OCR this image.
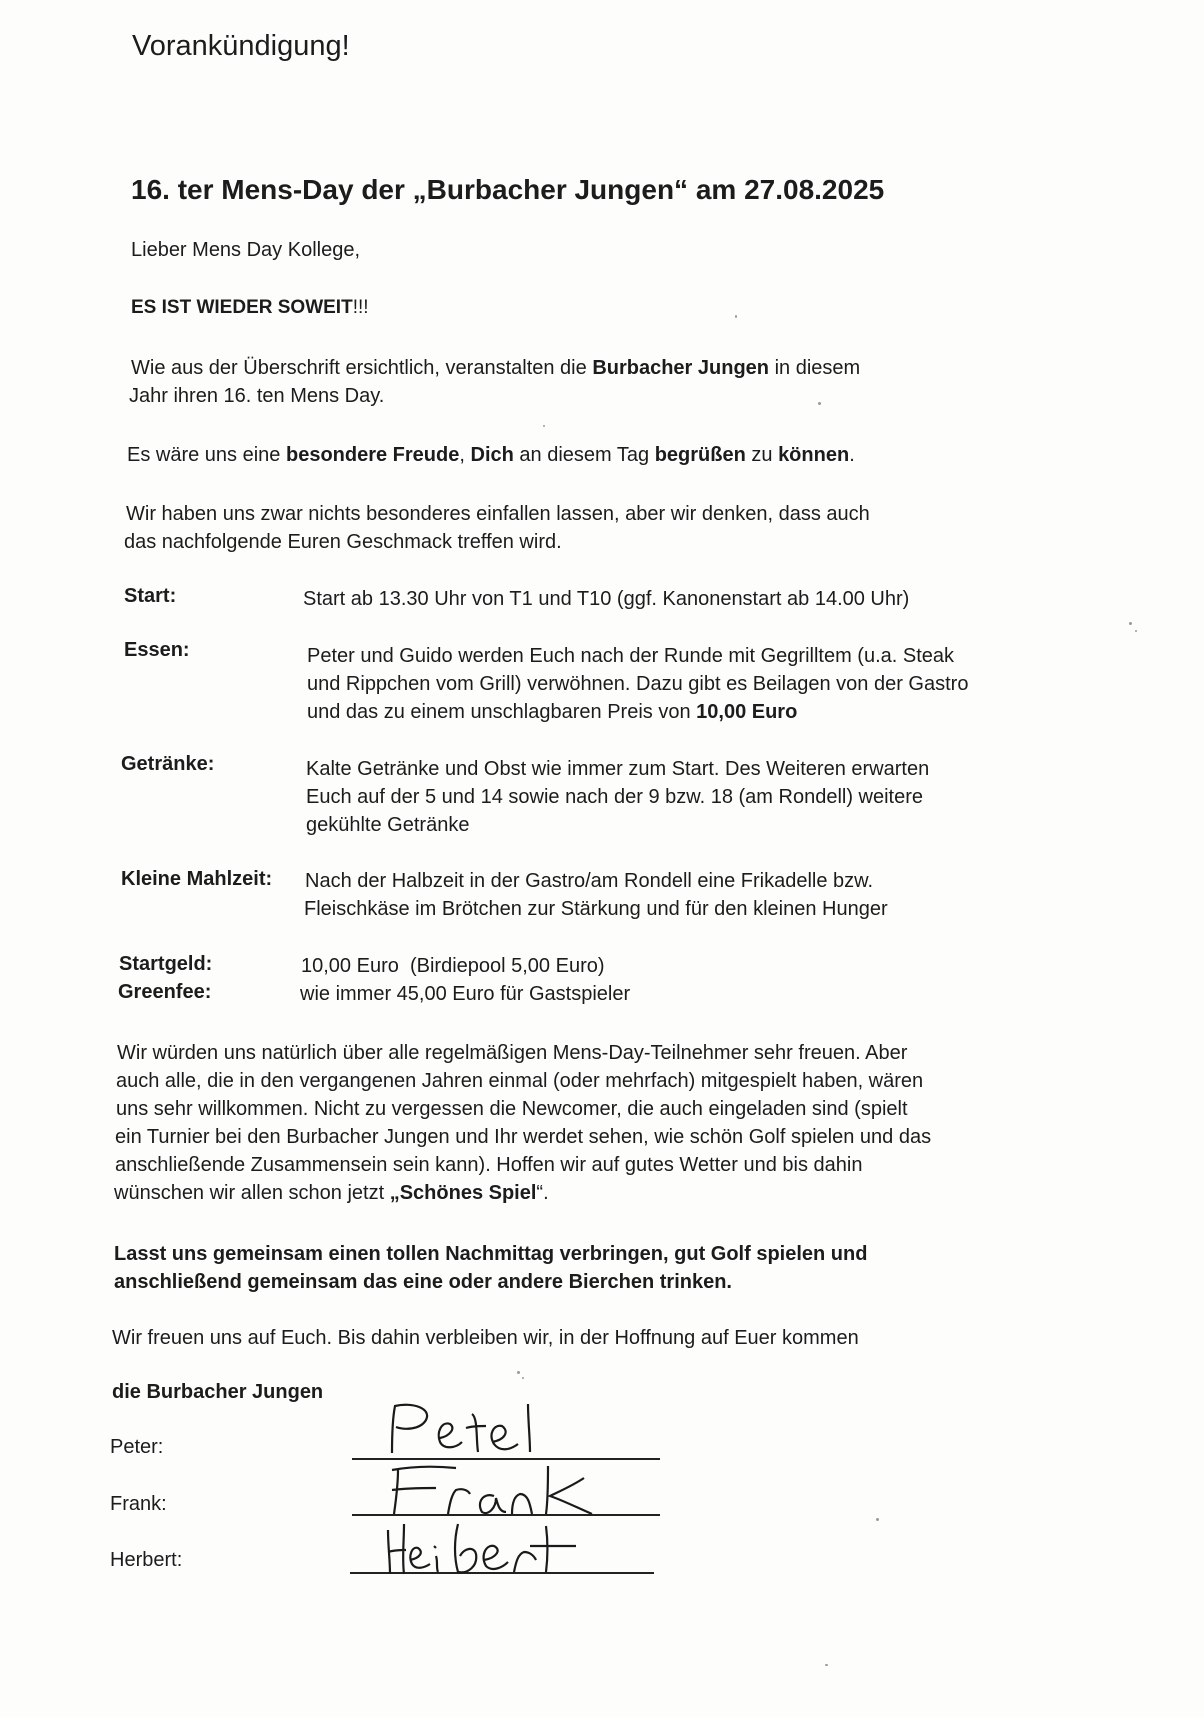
Vorankündigung!
16. ter Mens-Day der „Burbacher Jungen“ am 27.08.2025
Lieber Mens Day Kollege,
ES IST WIEDER SOWEIT!!!
Wie aus der Überschrift ersichtlich, veranstalten die Burbacher Jungen in diesem
Jahr ihren 16. ten Mens Day.
Es wäre uns eine besondere Freude, Dich an diesem Tag begrüßen zu können.
Wir haben uns zwar nichts besonderes einfallen lassen, aber wir denken, dass auch
das nachfolgende Euren Geschmack treffen wird.
Start:	Start ab 13.30 Uhr von T1 und T10 (ggf. Kanonenstart ab 14.00 Uhr)
Essen:	Peter und Guido werden Euch nach der Runde mit Gegrilltem (u.a. Steak
und Rippchen vom Grill) verwöhnen. Dazu gibt es Beilagen von der Gastro
und das zu einem unschlagbaren Preis von 10,00 Euro
Getränke:	Kalte Getränke und Obst wie immer zum Start. Des Weiteren erwarten
Euch auf der 5 und 14 sowie nach der 9 bzw. 18 (am Rondell) weitere
gekühlte Getränke
Kleine Mahlzeit: Nach der Halbzeit in der Gastro/am Rondell eine Frikadelle bzw.
Fleischkäse im Brötchen zur Stärkung und für den kleinen Hunger
Startgeld:	10,00 Euro  (Birdiepool 5,00 Euro)
Greenfee:	wie immer 45,00 Euro für Gastspieler
Wir würden uns natürlich über alle regelmäßigen Mens-Day-Teilnehmer sehr freuen. Aber
auch alle, die in den vergangenen Jahren einmal (oder mehrfach) mitgespielt haben, wären
uns sehr willkommen. Nicht zu vergessen die Newcomer, die auch eingeladen sind (spielt
ein Turnier bei den Burbacher Jungen und Ihr werdet sehen, wie schön Golf spielen und das
anschließende Zusammensein sein kann). Hoffen wir auf gutes Wetter und bis dahin
wünschen wir allen schon jetzt „Schönes Spiel“.
Lasst uns gemeinsam einen tollen Nachmittag verbringen, gut Golf spielen und
anschließend gemeinsam das eine oder andere Bierchen trinken.
Wir freuen uns auf Euch. Bis dahin verbleiben wir, in der Hoffnung auf Euer kommen
die Burbacher Jungen
Peter:
Frank:
Herbert:
